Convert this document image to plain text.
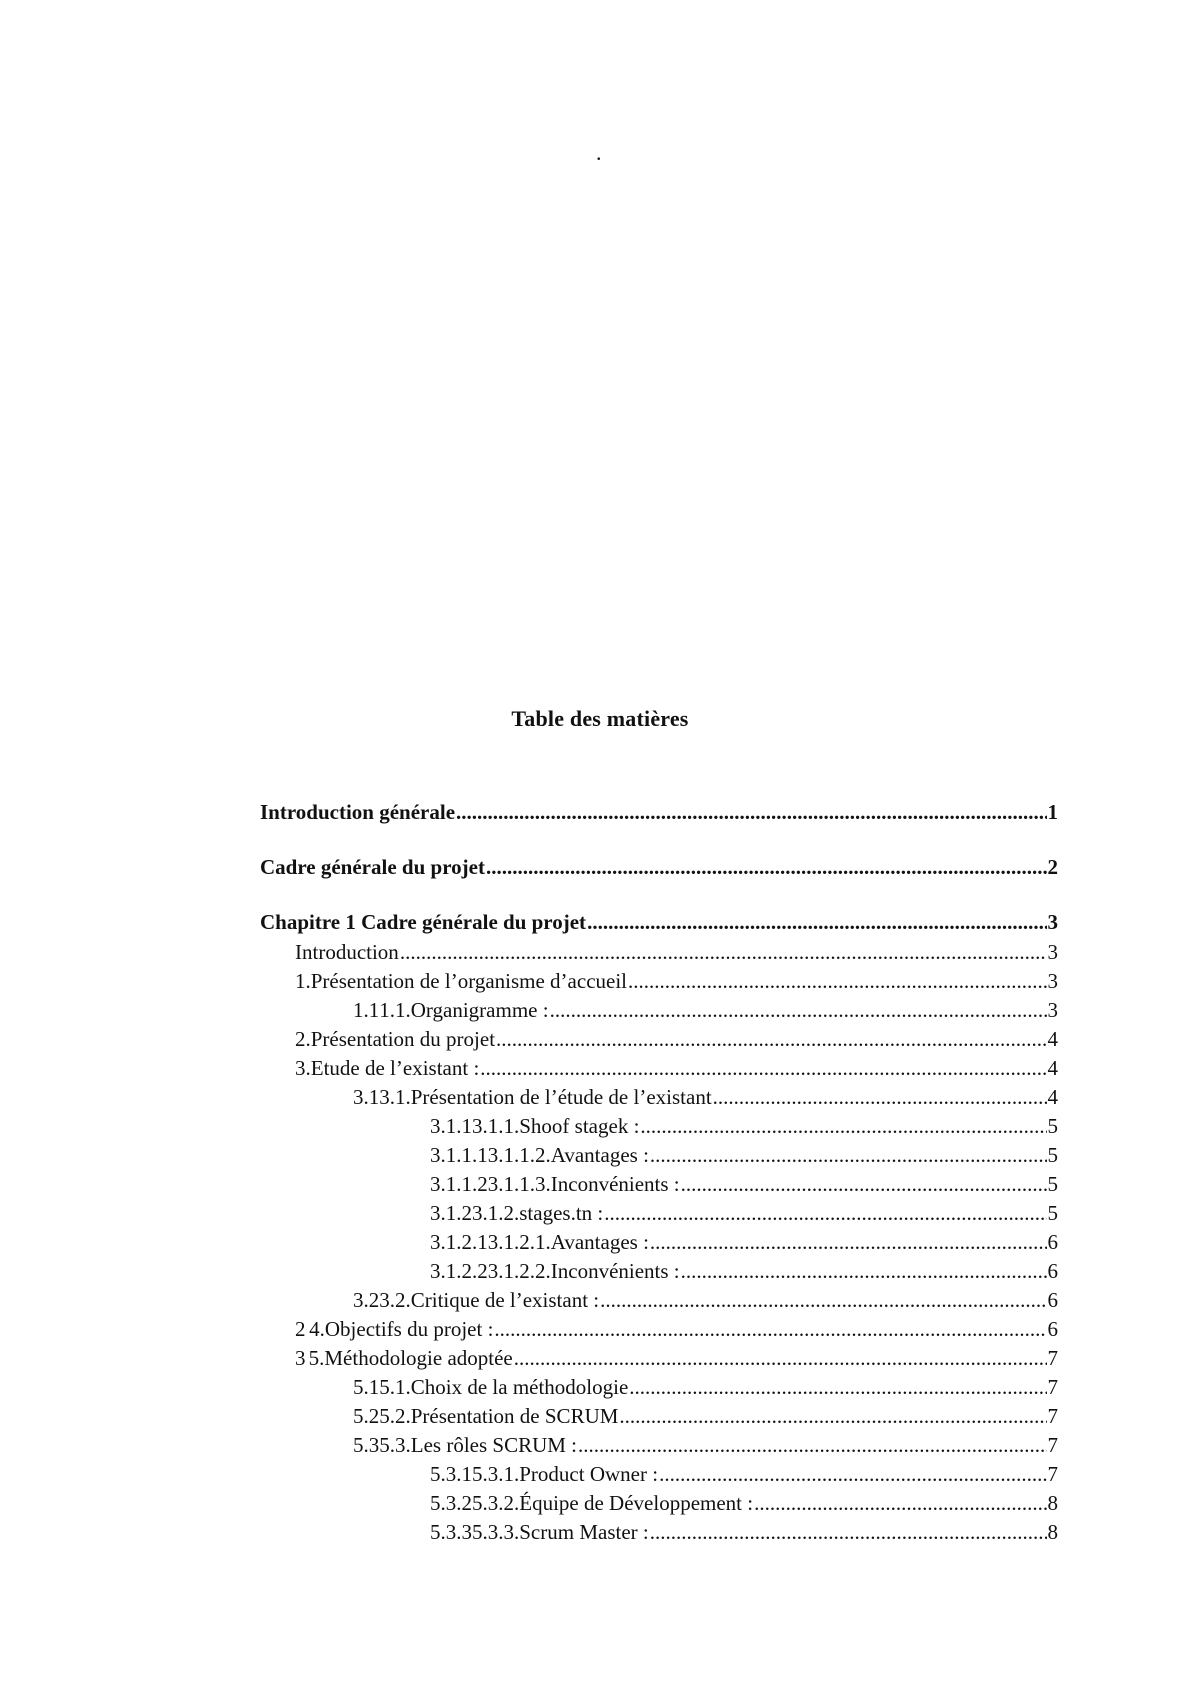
.
Table des matières
Introduction générale .....	1
Cadre générale du projet .....	2
Chapitre 1 Cadre générale du projet .....	3
Introduction .....	3
1.Présentation de l’organisme d’accueil .....	3
1.1 1.1.Organigramme : .....	3
2.Présentation du projet .....	4
3.Etude de l’existant : .....	4
3.1 3.1.Présentation de l’étude de l’existant .....	4
3.1.1 3.1.1.Shoof stagek : .....	5
3.1.1.1 3.1.1.2.Avantages : .....	5
3.1.1.2 3.1.1.3.Inconvénients : .....	5
3.1.2 3.1.2.stages.tn : .....	5
3.1.2.1 3.1.2.1.Avantages : .....	6
3.1.2.2 3.1.2.2.Inconvénients : .....	6
3.2 3.2.Critique de l’existant : .....	6
2 4.Objectifs du projet : .....	6
3 5.Méthodologie adoptée .....	7
5.1 5.1.Choix de la méthodologie .....	7
5.2 5.2.Présentation de SCRUM .....	7
5.3 5.3.Les rôles SCRUM : .....	7
5.3.1 5.3.1.Product Owner : .....	7
5.3.2 5.3.2.Équipe de Développement : .....	8
5.3.3 5.3.3.Scrum Master : .....	8
